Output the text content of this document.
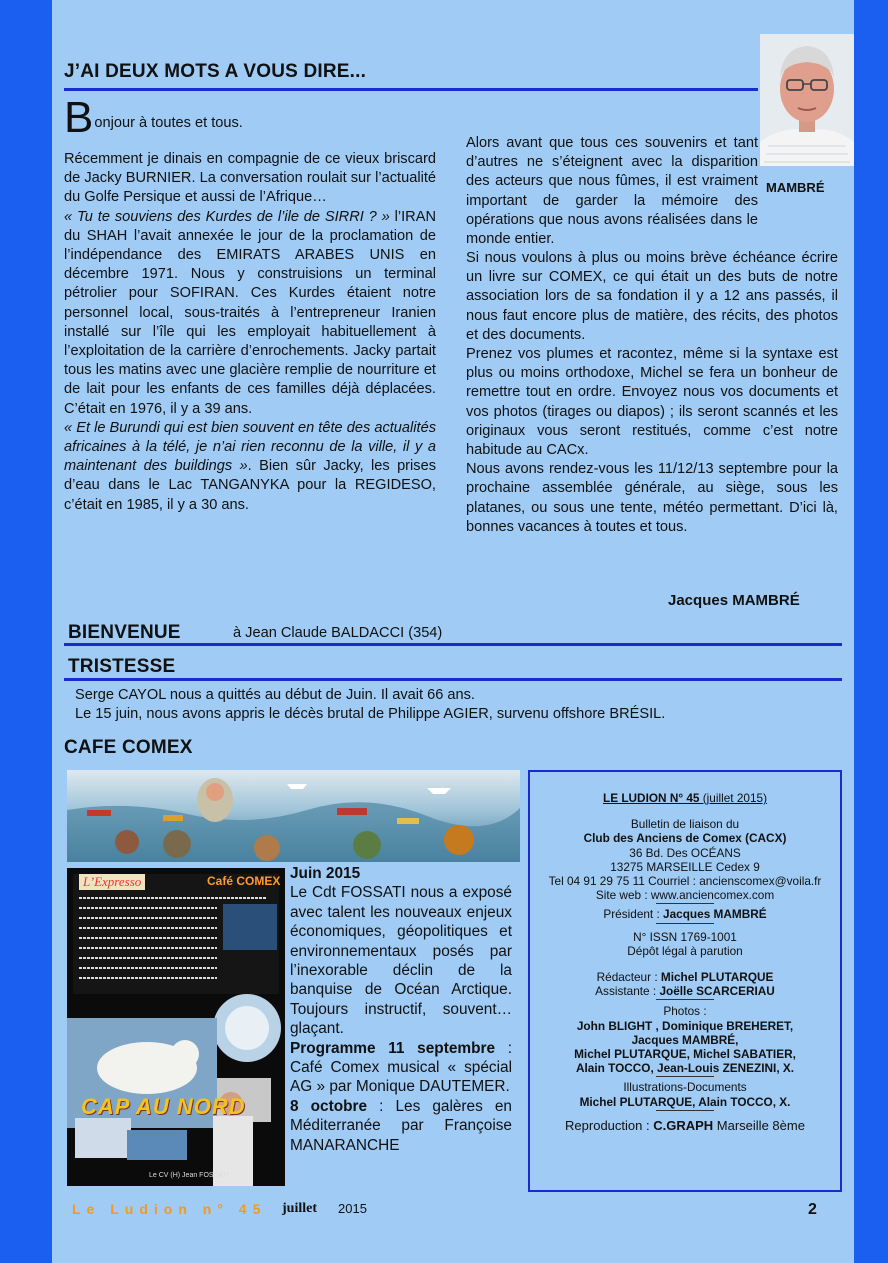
J’AI DEUX MOTS A VOUS DIRE...
MAMBRÉ

B onjour à toutes et tous.

Récemment je dinais en compagnie de ce vieux briscard de Jacky BURNIER. La conversation roulait sur l’actualité du Golfe Persique et aussi de l’Afrique…
« Tu te souviens des Kurdes de l’ile de SIRRI ? » l’IRAN du SHAH l’avait annexée le jour de la proclamation de l’indépendance des EMIRATS ARABES UNIS en décembre 1971. Nous y construisions un terminal pétrolier pour SOFIRAN. Ces Kurdes étaient notre personnel local, sous-traités à l’entrepreneur Iranien installé sur l’île qui les employait habituellement à l’exploitation de la carrière d’enrochements. Jacky partait tous les matins avec une glacière remplie de nourriture et de lait pour les enfants de ces familles déjà déplacées. C’était en 1976, il y a 39 ans.
« Et le Burundi qui est bien souvent en tête des actualités africaines à la télé, je n’ai rien reconnu de la ville, il y a maintenant des buildings ». Bien sûr Jacky, les prises d’eau dans le Lac TANGANYKA pour la REGIDESO, c’était en 1985, il y a 30 ans.

Alors avant que tous ces souvenirs et tant d’autres ne s’éteignent avec la disparition des acteurs que nous fûmes, il est vraiment important de garder la mémoire des opérations que nous avons réalisées dans le monde entier.

Si nous voulons à plus ou moins brève échéance écrire un livre sur COMEX, ce qui était un des buts de notre association lors de sa fondation il y a 12 ans passés, il nous faut encore plus de matière, des récits, des photos et des documents.

Prenez vos plumes et racontez, même si la syntaxe est plus ou moins orthodoxe, Michel se fera un bonheur de remettre tout en ordre. Envoyez nous vos documents et vos photos (tirages ou diapos) ; ils seront scannés et les originaux vous seront restitués, comme c’est notre habitude au CACx.

Nous avons rendez-vous les 11/12/13 septembre pour la prochaine assemblée générale, au siège, sous les platanes, ou sous une tente, météo permettant. D’ici là, bonnes vacances à toutes et tous.

Jacques MAMBRÉ
BIENVENUE	à Jean Claude BALDACCI (354)
TRISTESSE
Serge CAYOL nous a quittés au début de Juin. Il avait 66 ans.
Le 15 juin, nous avons appris le décès brutal de Philippe AGIER, survenu offshore BRÉSIL.
CAFE COMEX
L’Expresso	Café COMEX
CAP AU NORD
Le CV (H) Jean FOSSATI

Juin 2015

Le Cdt FOSSATI nous a exposé avec talent les nouveaux enjeux économiques, géopolitiques et environnementaux posés par l’inexorable déclin de la banquise de Océan Arctique. Toujours instructif, souvent… glaçant.

Programme 11 septembre : Café Comex musical « spécial AG » par Monique DAUTEMER.

8 octobre : Les galères en Méditerranée par Françoise MANARANCHE

LE LUDION N° 45 (juillet 2015)
Bulletin de liaison du
Club des Anciens de Comex (CACX)
36 Bd. Des OCÉANS
13275 MARSEILLE Cedex 9
Tel 04 91 29 75 11 Courriel : ancienscomex@voila.fr
Site web : www.anciencomex.com
Président : Jacques MAMBRÉ
N° ISSN 1769-1001
Dépôt légal à parution
Rédacteur : Michel PLUTARQUE
Assistante : Joëlle SCARCERIAU
Photos :
John BLIGHT , Dominique BREHERET,
Jacques MAMBRÉ,
Michel PLUTARQUE, Michel SABATIER,
Alain TOCCO, Jean-Louis ZENEZINI, X.
Illustrations-Documents
Michel PLUTARQUE, Alain TOCCO, X.
Reproduction : C.GRAPH Marseille 8ème
Le Ludion n° 45 juillet 2015	2
